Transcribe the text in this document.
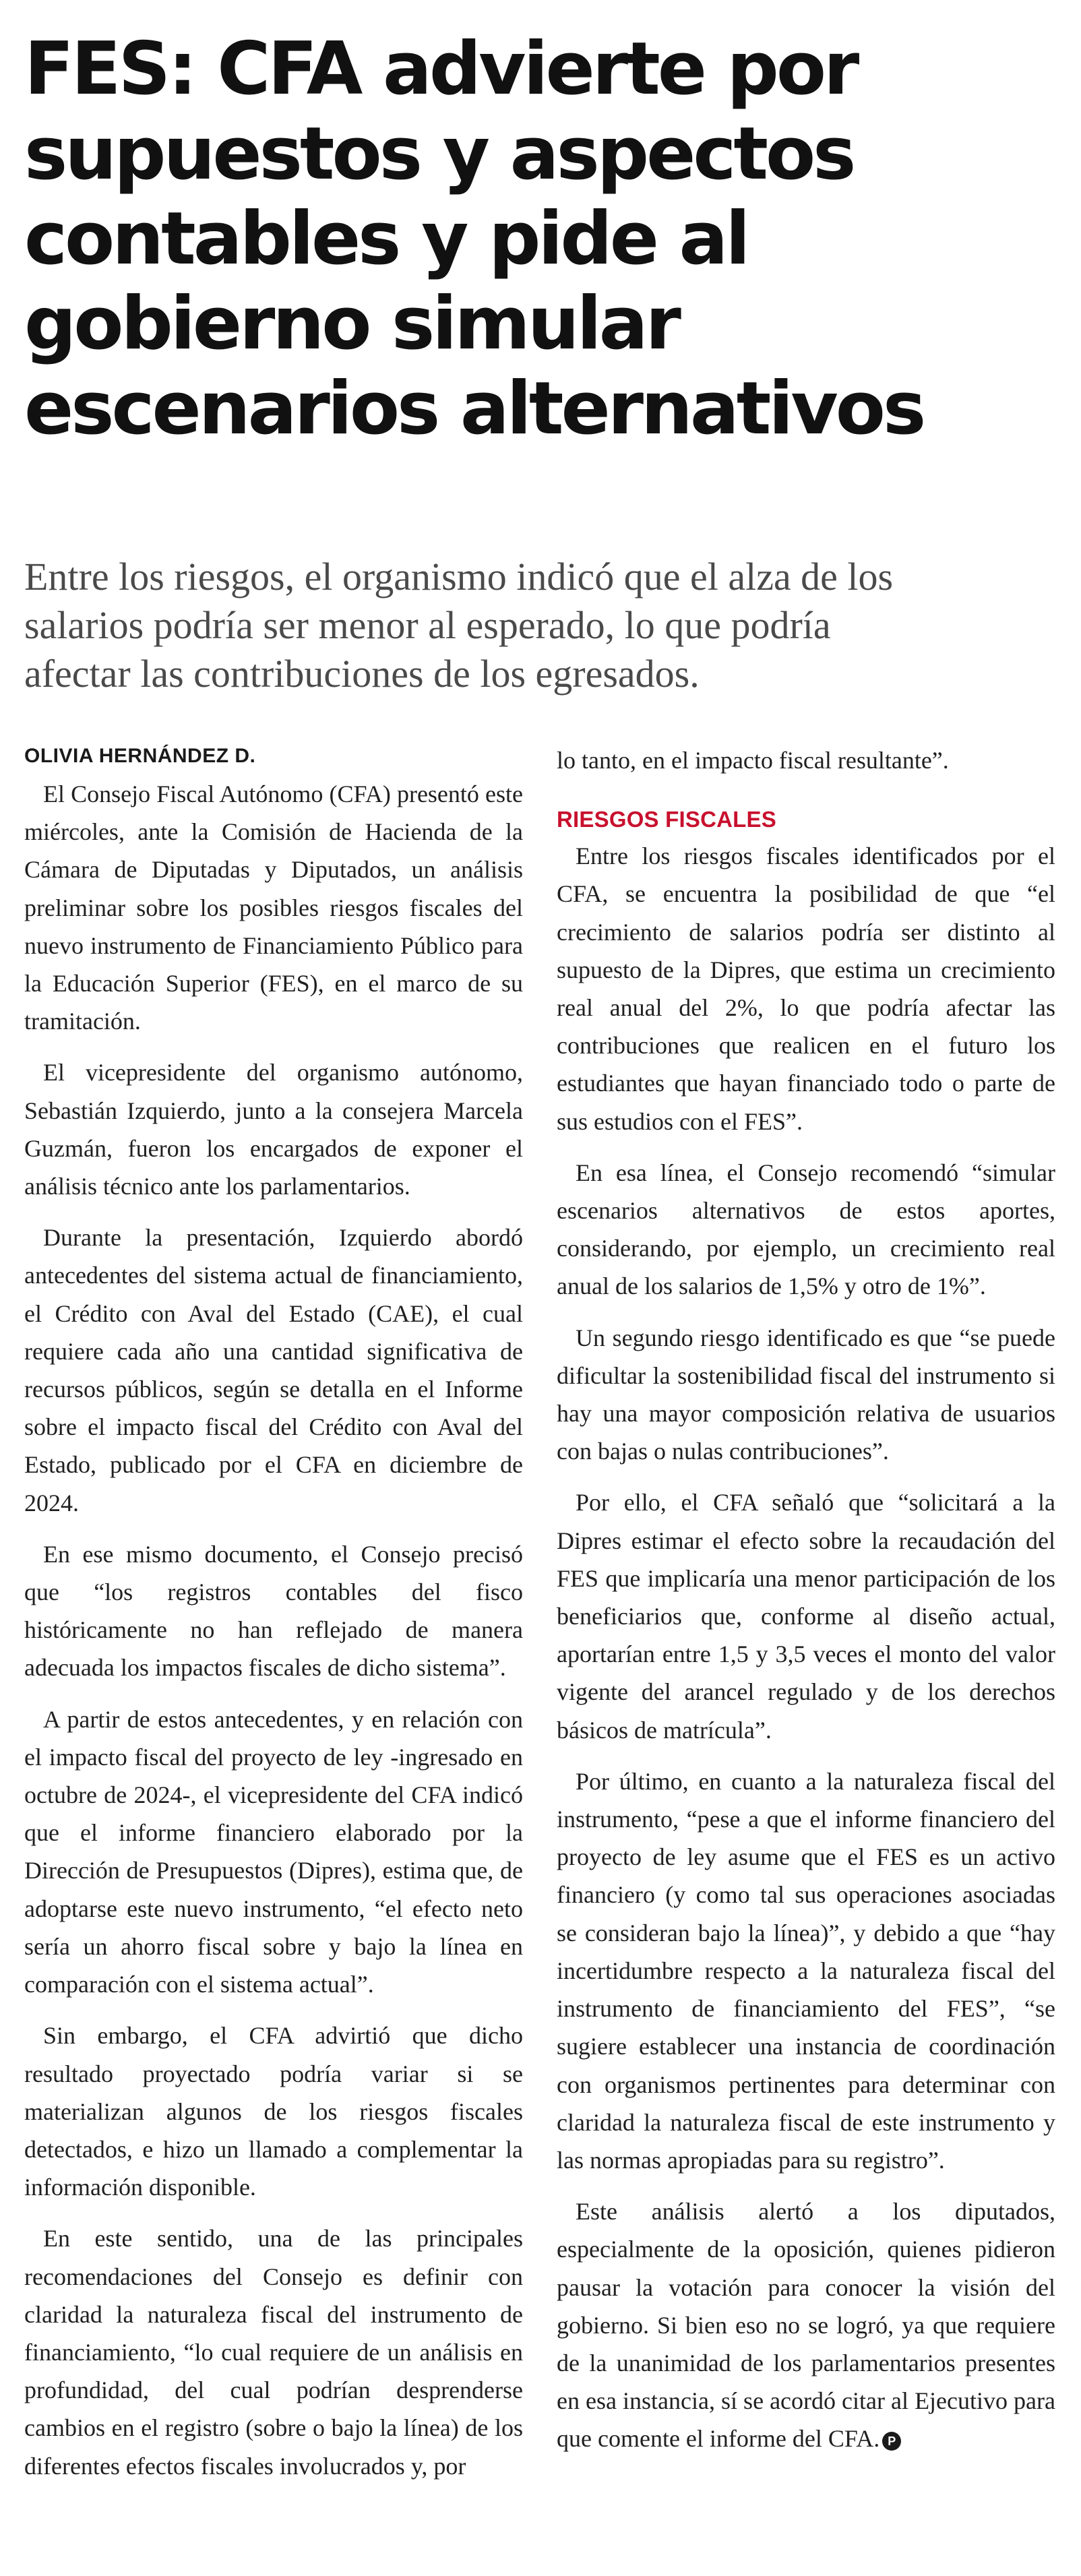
FES: CFA advierte por
supuestos y aspectos
contables y pide al
gobierno simular
escenarios alternativos

Entre los riesgos, el organismo indicó que el alza de los
salarios podría ser menor al esperado, lo que podría
afectar las contribuciones de los egresados.

OLIVIA HERNÁNDEZ D.

El Consejo Fiscal Autónomo (CFA) presentó este miércoles, ante la Comisión de Hacienda de la Cámara de Diputadas y Diputados, un análisis preliminar sobre los posibles riesgos fiscales del nuevo instrumento de Financiamiento Público para la Educación Superior (FES), en el marco de su tramitación.

El vicepresidente del organismo autónomo, Sebastián Izquierdo, junto a la consejera Marcela Guzmán, fueron los encargados de exponer el análisis técnico ante los parlamentarios.

Durante la presentación, Izquierdo abordó antecedentes del sistema actual de financiamiento, el Crédito con Aval del Estado (CAE), el cual requiere cada año una cantidad significativa de recursos públicos, según se detalla en el Informe sobre el impacto fiscal del Crédito con Aval del Estado, publicado por el CFA en diciembre de 2024.

En ese mismo documento, el Consejo precisó que “los registros contables del fisco históricamente no han reflejado de manera adecuada los impactos fiscales de dicho sistema”.

A partir de estos antecedentes, y en relación con el impacto fiscal del proyecto de ley -ingresado en octubre de 2024-, el vicepresidente del CFA indicó que el informe financiero elaborado por la Dirección de Presupuestos (Dipres), estima que, de adoptarse este nuevo instrumento, “el efecto neto sería un ahorro fiscal sobre y bajo la línea en comparación con el sistema actual”.

Sin embargo, el CFA advirtió que dicho resultado proyectado podría variar si se materializan algunos de los riesgos fiscales detectados, e hizo un llamado a complementar la información disponible.

En este sentido, una de las principales recomendaciones del Consejo es definir con claridad la naturaleza fiscal del instrumento de financiamiento, “lo cual requiere de un análisis en profundidad, del cual podrían desprenderse cambios en el registro (sobre o bajo la línea) de los diferentes efectos fiscales involucrados y, por

lo tanto, en el impacto fiscal resultante”.

RIESGOS FISCALES

Entre los riesgos fiscales identificados por el CFA, se encuentra la posibilidad de que “el crecimiento de salarios podría ser distinto al supuesto de la Dipres, que estima un crecimiento real anual del 2%, lo que podría afectar las contribuciones que realicen en el futuro los estudiantes que hayan financiado todo o parte de sus estudios con el FES”.

En esa línea, el Consejo recomendó “simular escenarios alternativos de estos aportes, considerando, por ejemplo, un crecimiento real anual de los salarios de 1,5% y otro de 1%”.

Un segundo riesgo identificado es que “se puede dificultar la sostenibilidad fiscal del instrumento si hay una mayor composición relativa de usuarios con bajas o nulas contribuciones”.

Por ello, el CFA señaló que “solicitará a la Dipres estimar el efecto sobre la recaudación del FES que implicaría una menor participación de los beneficiarios que, conforme al diseño actual, aportarían entre 1,5 y 3,5 veces el monto del valor vigente del arancel regulado y de los derechos básicos de matrícula”.

Por último, en cuanto a la naturaleza fiscal del instrumento, “pese a que el informe financiero del proyecto de ley asume que el FES es un activo financiero (y como tal sus operaciones asociadas se consideran bajo la línea)”, y debido a que “hay incertidumbre respecto a la naturaleza fiscal del instrumento de financiamiento del FES”, “se sugiere establecer una instancia de coordinación con organismos pertinentes para determinar con claridad la naturaleza fiscal de este instrumento y las normas apropiadas para su registro”.

Este análisis alertó a los diputados, especialmente de la oposición, quienes pidieron pausar la votación para conocer la visión del gobierno. Si bien eso no se logró, ya que requiere de la unanimidad de los parlamentarios presentes en esa instancia, sí se acordó citar al Ejecutivo para que comente el informe del CFA. P
